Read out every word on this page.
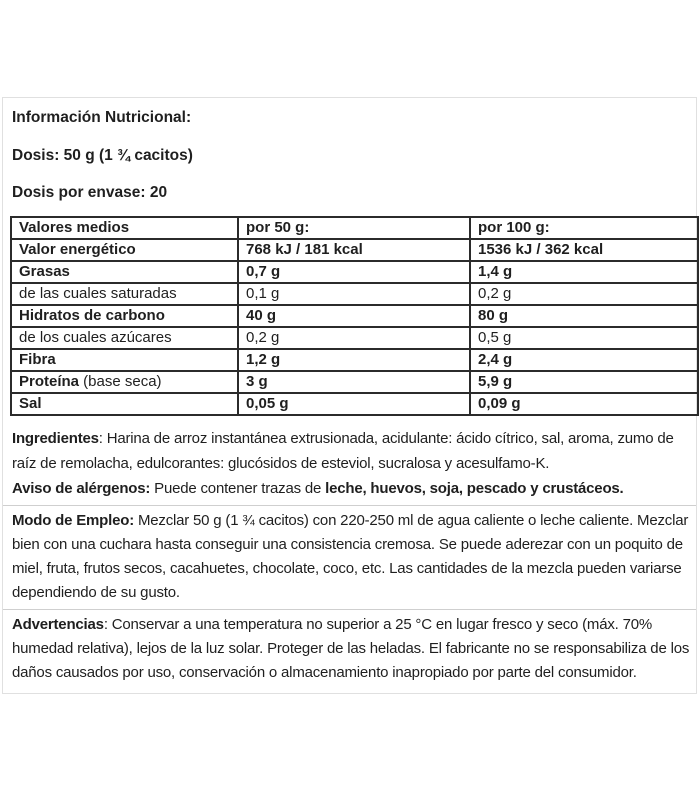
Información Nutricional:

Dosis: 50 g (1 ¾ cacitos)

Dosis por envase: 20

Valores medios	por 50 g:	por 100 g:
Valor energético	768 kJ / 181 kcal	1536 kJ / 362 kcal
Grasas	0,7 g	1,4 g
de las cuales saturadas	0,1 g	0,2 g
Hidratos de carbono	40 g	80 g
de los cuales azúcares	0,2 g	0,5 g
Fibra	1,2 g	2,4 g
Proteína (base seca)	3 g	5,9 g
Sal	0,05 g	0,09 g

Ingredientes: Harina de arroz instantánea extrusionada, acidulante: ácido cítrico, sal, aroma, zumo de raíz de remolacha, edulcorantes: glucósidos de esteviol, sucralosa y acesulfamo-K.

Aviso de alérgenos: Puede contener trazas de leche, huevos, soja, pescado y crustáceos.

Modo de Empleo: Mezclar 50 g (1 ¾ cacitos) con 220-250 ml de agua caliente o leche caliente. Mezclar bien con una cuchara hasta conseguir una consistencia cremosa. Se puede aderezar con un poquito de miel, fruta, frutos secos, cacahuetes, chocolate, coco, etc. Las cantidades de la mezcla pueden variarse dependiendo de su gusto.

Advertencias: Conservar a una temperatura no superior a 25 °C en lugar fresco y seco (máx. 70% humedad relativa), lejos de la luz solar. Proteger de las heladas. El fabricante no se responsabiliza de los daños causados por uso, conservación o almacenamiento inapropiado por parte del consumidor.
